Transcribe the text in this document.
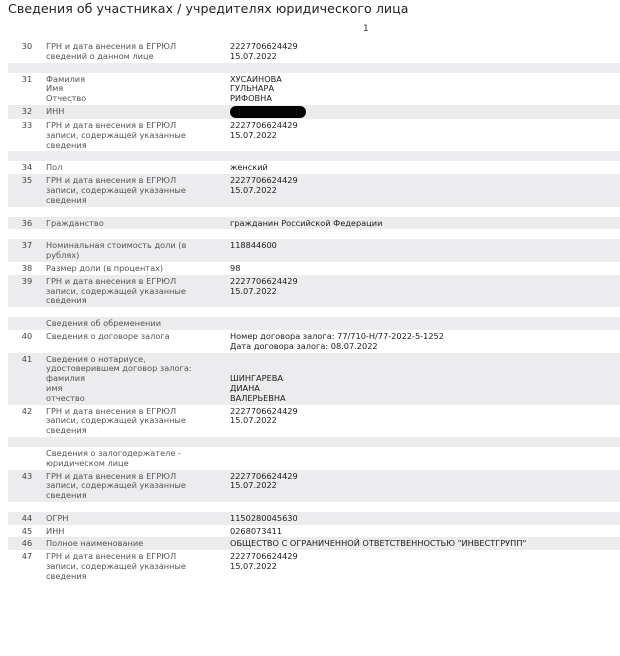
Сведения об участниках / учредителях юридического лица
1
30	ГРН и дата внесения в ЕГРЮЛ
сведений о данном лице	2227706624429
15.07.2022

31	Фамилия
Имя
Отчество	ХУСАИНОВА
ГУЛЬНАРА
РИФОВНА

32	ИНН	

33	ГРН и дата внесения в ЕГРЮЛ
записи, содержащей указанные
сведения	2227706624429
15.07.2022

34	Пол	женский

35	ГРН и дата внесения в ЕГРЮЛ
записи, содержащей указанные
сведения	2227706624429
15.07.2022

36	Гражданство	гражданин Российской Федерации

37	Номинальная стоимость доли (в
рублях)	118844600

38	Размер доли (в процентах)	98

39	ГРН и дата внесения в ЕГРЮЛ
записи, содержащей указанные
сведения	2227706624429
15.07.2022

	Сведения об обременении	

40	Сведения о договоре залога	Номер договора залога: 77/710-Н/77-2022-5-1252
Дата договора залога: 08.07.2022

41	Сведения о нотариусе,
удостоверившем договор залога:
фамилия
имя
отчество	ШИНГАРЕВА
ДИАНА
ВАЛЕРЬЕВНА

42	ГРН и дата внесения в ЕГРЮЛ
записи, содержащей указанные
сведения	2227706624429
15.07.2022

	Сведения о залогодержателе -
юридическом лице	

43	ГРН и дата внесения в ЕГРЮЛ
записи, содержащей указанные
сведения	2227706624429
15.07.2022

44	ОГРН	1150280045630

45	ИНН	0268073411

46	Полное наименование	ОБЩЕСТВО С ОГРАНИЧЕННОЙ ОТВЕТСТВЕННОСТЬЮ "ИНВЕСТГРУПП"

47	ГРН и дата внесения в ЕГРЮЛ
записи, содержащей указанные
сведения	2227706624429
15.07.2022
